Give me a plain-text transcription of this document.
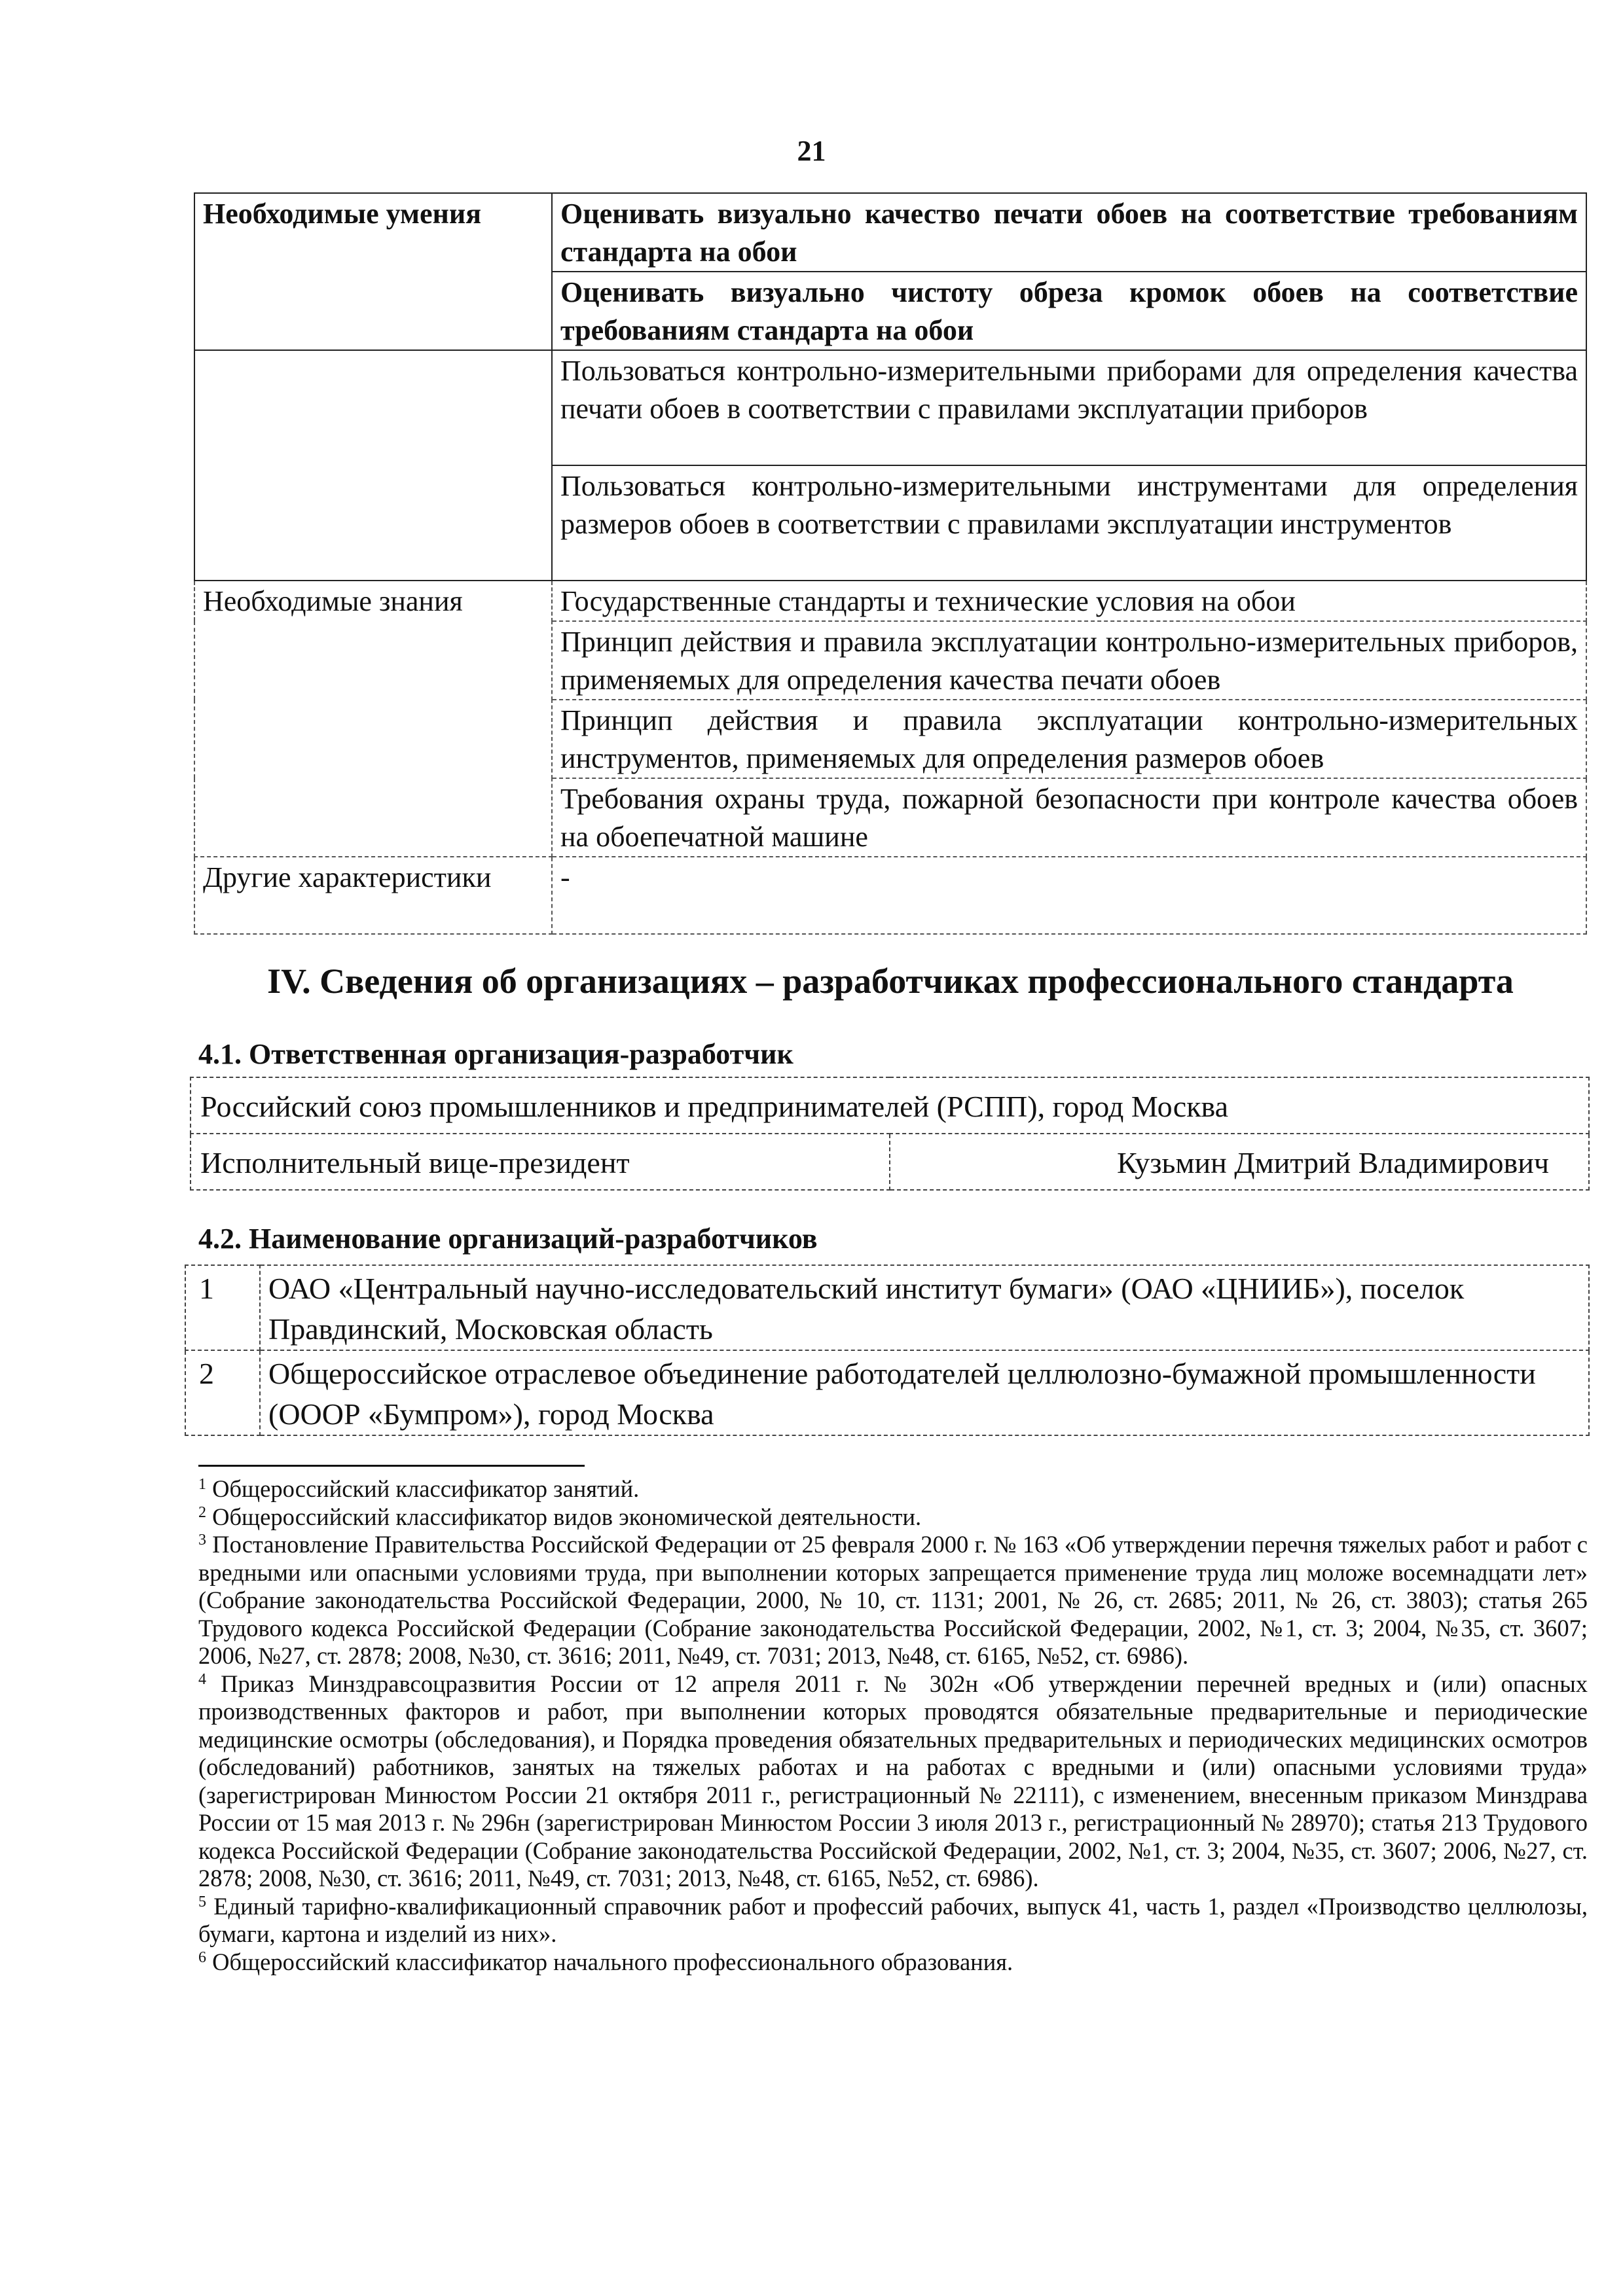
21
Необходимые умения	Оценивать визуально качество печати обоев на соответствие требованиям стандарта на обои
	Оценивать визуально чистоту обреза кромок обоев на соответствие требованиям стандарта на обои
	Пользоваться контрольно-измерительными приборами для определения качества печати обоев в соответствии с правилами эксплуатации приборов
	Пользоваться контрольно-измерительными инструментами для определения размеров обоев в соответствии с правилами эксплуатации инструментов
Необходимые знания	Государственные стандарты и технические условия на обои
	Принцип действия и правила эксплуатации контрольно-измерительных приборов, применяемых для определения качества печати обоев
	Принцип действия и правила эксплуатации контрольно-измерительных инструментов, применяемых для определения размеров обоев
	Требования охраны труда, пожарной безопасности при контроле качества обоев на обоепечатной машине
Другие характеристики	-
IV. Сведения об организациях – разработчиках профессионального стандарта
4.1. Ответственная организация-разработчик
Российский союз промышленников и предпринимателей (РСПП), город Москва
Исполнительный вице-президент	Кузьмин Дмитрий Владимирович
4.2. Наименование организаций-разработчиков
1	ОАО «Центральный научно-исследовательский институт бумаги» (ОАО «ЦНИИБ»), поселок Правдинский, Московская область
2	Общероссийское отраслевое объединение работодателей целлюлозно-бумажной промышленности (ОООР «Бумпром»), город Москва

$^1$ Общероссийский классификатор занятий.

$^2$ Общероссийский классификатор видов экономической деятельности.

$^3$ Постановление Правительства Российской Федерации от 25 февраля 2000 г. № 163 «Об утверждении перечня тяжелых работ и работ с вредными или опасными условиями труда, при выполнении которых запрещается применение труда лиц моложе восемнадцати лет» (Собрание законодательства Российской Федерации, 2000, № 10, ст. 1131; 2001, № 26, ст. 2685; 2011, № 26, ст. 3803); статья 265 Трудового кодекса Российской Федерации (Собрание законодательства Российской Федерации, 2002, №1, ст. 3; 2004, №35, ст. 3607; 2006, №27, ст. 2878; 2008, №30, ст. 3616; 2011, №49, ст. 7031; 2013, №48, ст. 6165, №52, ст. 6986).

$^4$ Приказ Минздравсоцразвития России от 12 апреля 2011 г. № 302н «Об утверждении перечней вредных и (или) опасных производственных факторов и работ, при выполнении которых проводятся обязательные предварительные и периодические медицинские осмотры (обследования), и Порядка проведения обязательных предварительных и периодических медицинских осмотров (обследований) работников, занятых на тяжелых работах и на работах с вредными и (или) опасными условиями труда» (зарегистрирован Минюстом России 21 октября 2011 г., регистрационный № 22111), с изменением, внесенным приказом Минздрава России от 15 мая 2013 г. № 296н (зарегистрирован Минюстом России 3 июля 2013 г., регистрационный № 28970); статья 213 Трудового кодекса Российской Федерации (Собрание законодательства Российской Федерации, 2002, №1, ст. 3; 2004, №35, ст. 3607; 2006, №27, ст. 2878; 2008, №30, ст. 3616; 2011, №49, ст. 7031; 2013, №48, ст. 6165, №52, ст. 6986).

$^5$ Единый тарифно-квалификационный справочник работ и профессий рабочих, выпуск 41, часть 1, раздел «Производство целлюлозы, бумаги, картона и изделий из них».

$^6$ Общероссийский классификатор начального профессионального образования.
